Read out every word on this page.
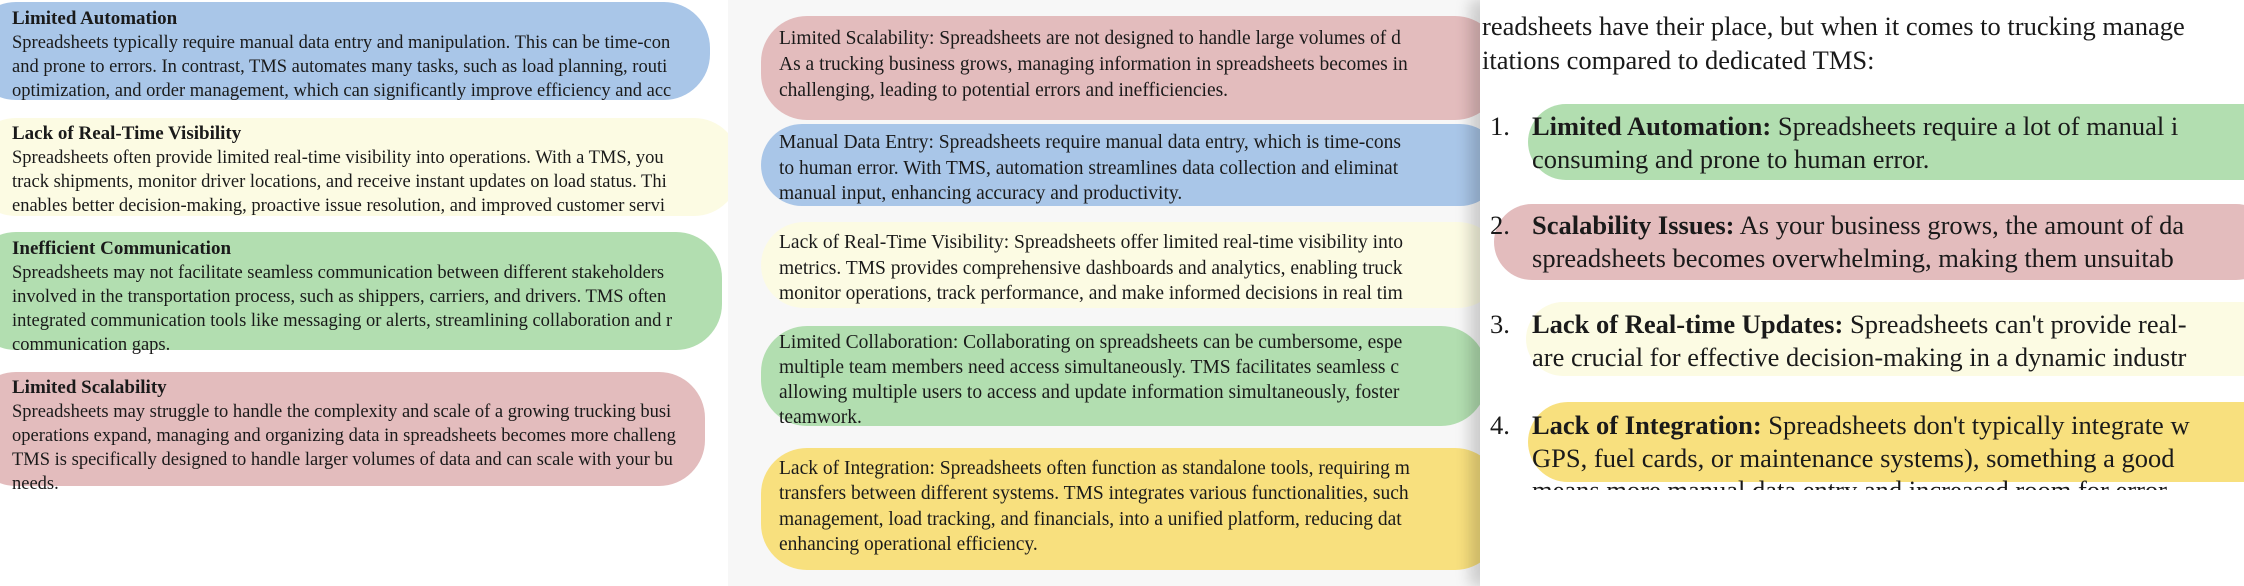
Limited Automation
Spreadsheets typically require manual data entry and manipulation. This can be time-con
and prone to errors. In contrast, TMS automates many tasks, such as load planning, routi
optimization, and order management, which can significantly improve efficiency and acc
Lack of Real-Time Visibility
Spreadsheets often provide limited real-time visibility into operations. With a TMS, you
track shipments, monitor driver locations, and receive instant updates on load status. Thi
enables better decision-making, proactive issue resolution, and improved customer servi
Inefficient Communication
Spreadsheets may not facilitate seamless communication between different stakeholders
involved in the transportation process, such as shippers, carriers, and drivers. TMS often
integrated communication tools like messaging or alerts, streamlining collaboration and r
communication gaps.
Limited Scalability
Spreadsheets may struggle to handle the complexity and scale of a growing trucking busi
operations expand, managing and organizing data in spreadsheets becomes more challeng
TMS is specifically designed to handle larger volumes of data and can scale with your bu
needs.
Limited Scalability: Spreadsheets are not designed to handle large volumes of d
As a trucking business grows, managing information in spreadsheets becomes in
challenging, leading to potential errors and inefficiencies.
Manual Data Entry: Spreadsheets require manual data entry, which is time-cons
to human error. With TMS, automation streamlines data collection and eliminat
manual input, enhancing accuracy and productivity.
Lack of Real-Time Visibility: Spreadsheets offer limited real-time visibility into
metrics. TMS provides comprehensive dashboards and analytics, enabling truck
monitor operations, track performance, and make informed decisions in real tim
Limited Collaboration: Collaborating on spreadsheets can be cumbersome, espe
multiple team members need access simultaneously. TMS facilitates seamless c
allowing multiple users to access and update information simultaneously, foster
teamwork.
Lack of Integration: Spreadsheets often function as standalone tools, requiring m
transfers between different systems. TMS integrates various functionalities, such
management, load tracking, and financials, into a unified platform, reducing dat
enhancing operational efficiency.
readsheets have their place, but when it comes to trucking manage
itations compared to dedicated TMS:
1. Limited Automation: Spreadsheets require a lot of manual i
consuming and prone to human error.
2. Scalability Issues: As your business grows, the amount of da
spreadsheets becomes overwhelming, making them unsuitab
3. Lack of Real-time Updates: Spreadsheets can't provide real-
are crucial for effective decision-making in a dynamic industr
4. Lack of Integration: Spreadsheets don't typically integrate w
GPS, fuel cards, or maintenance systems), something a good
